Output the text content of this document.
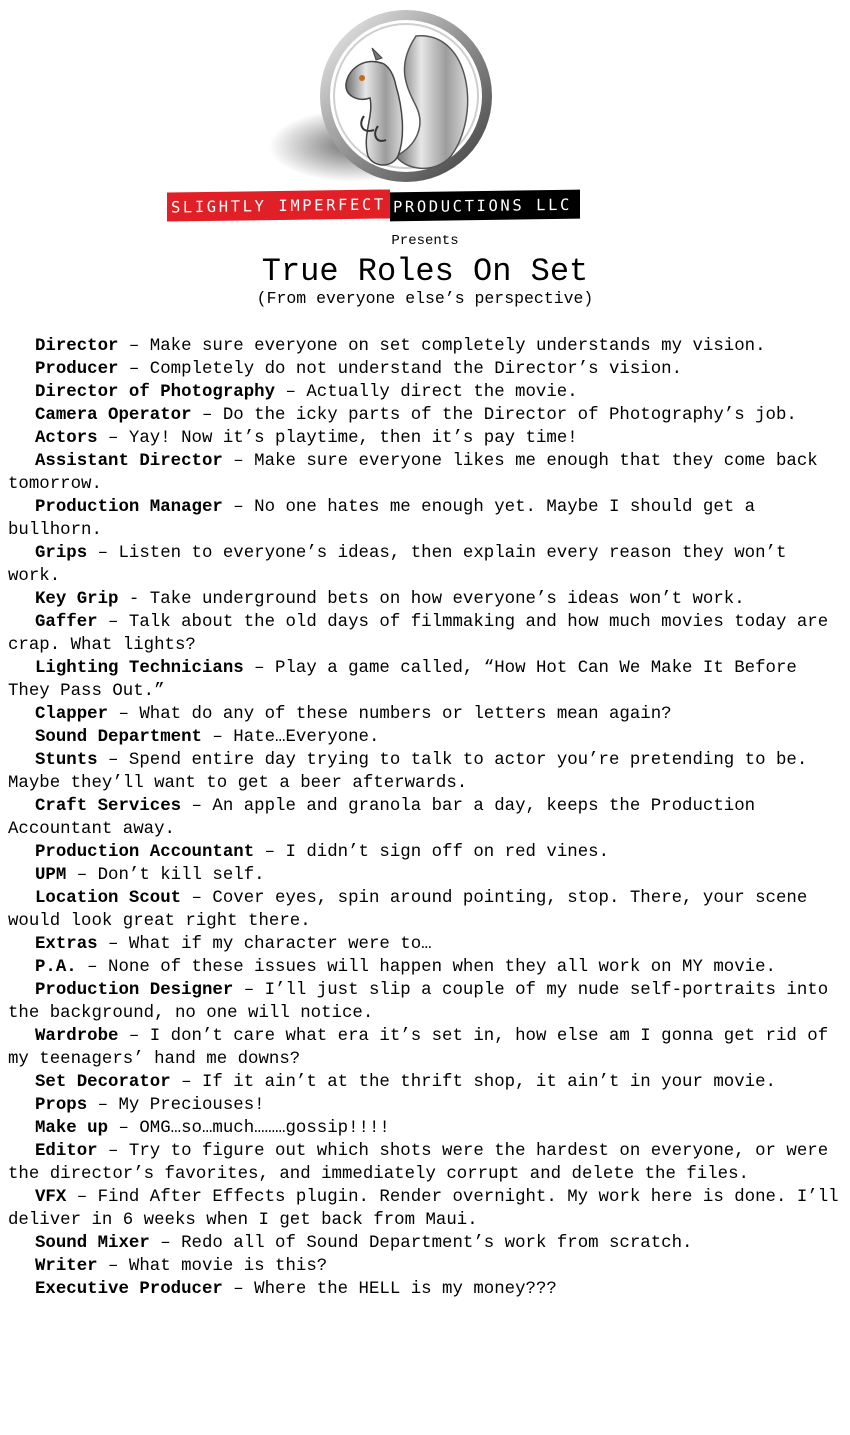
SLIGHTLY IMPERFECT PRODUCTIONS LLC
Presents
True Roles On Set
(From everyone else’s perspective)

Director – Make sure everyone on set completely understands my vision.

Producer – Completely do not understand the Director’s vision.

Director of Photography – Actually direct the movie.

Camera Operator – Do the icky parts of the Director of Photography’s job.

Actors – Yay! Now it’s playtime, then it’s pay time!

Assistant Director – Make sure everyone likes me enough that they come back tomorrow.

Production Manager – No one hates me enough yet. Maybe I should get a bullhorn.

Grips – Listen to everyone’s ideas, then explain every reason they won’t work.

Key Grip - Take underground bets on how everyone’s ideas won’t work.

Gaffer – Talk about the old days of filmmaking and how much movies today are crap. What lights?

Lighting Technicians – Play a game called, “How Hot Can We Make It Before They Pass Out.”

Clapper – What do any of these numbers or letters mean again?

Sound Department – Hate…Everyone.

Stunts – Spend entire day trying to talk to actor you’re pretending to be. Maybe they’ll want to get a beer afterwards.

Craft Services – An apple and granola bar a day, keeps the Production Accountant away.

Production Accountant – I didn’t sign off on red vines.

UPM – Don’t kill self.

Location Scout – Cover eyes, spin around pointing, stop. There, your scene would look great right there.

Extras – What if my character were to…

P.A. – None of these issues will happen when they all work on MY movie.

Production Designer – I’ll just slip a couple of my nude self-portraits into the background, no one will notice.

Wardrobe – I don’t care what era it’s set in, how else am I gonna get rid of my teenagers’ hand me downs?

Set Decorator – If it ain’t at the thrift shop, it ain’t in your movie.

Props – My Preciouses!

Make up – OMG…so…much………gossip!!!!

Editor – Try to figure out which shots were the hardest on everyone, or were the director’s favorites, and immediately corrupt and delete the files.

VFX – Find After Effects plugin. Render overnight. My work here is done. I’ll deliver in 6 weeks when I get back from Maui.

Sound Mixer – Redo all of Sound Department’s work from scratch.

Writer – What movie is this?

Executive Producer – Where the HELL is my money???
